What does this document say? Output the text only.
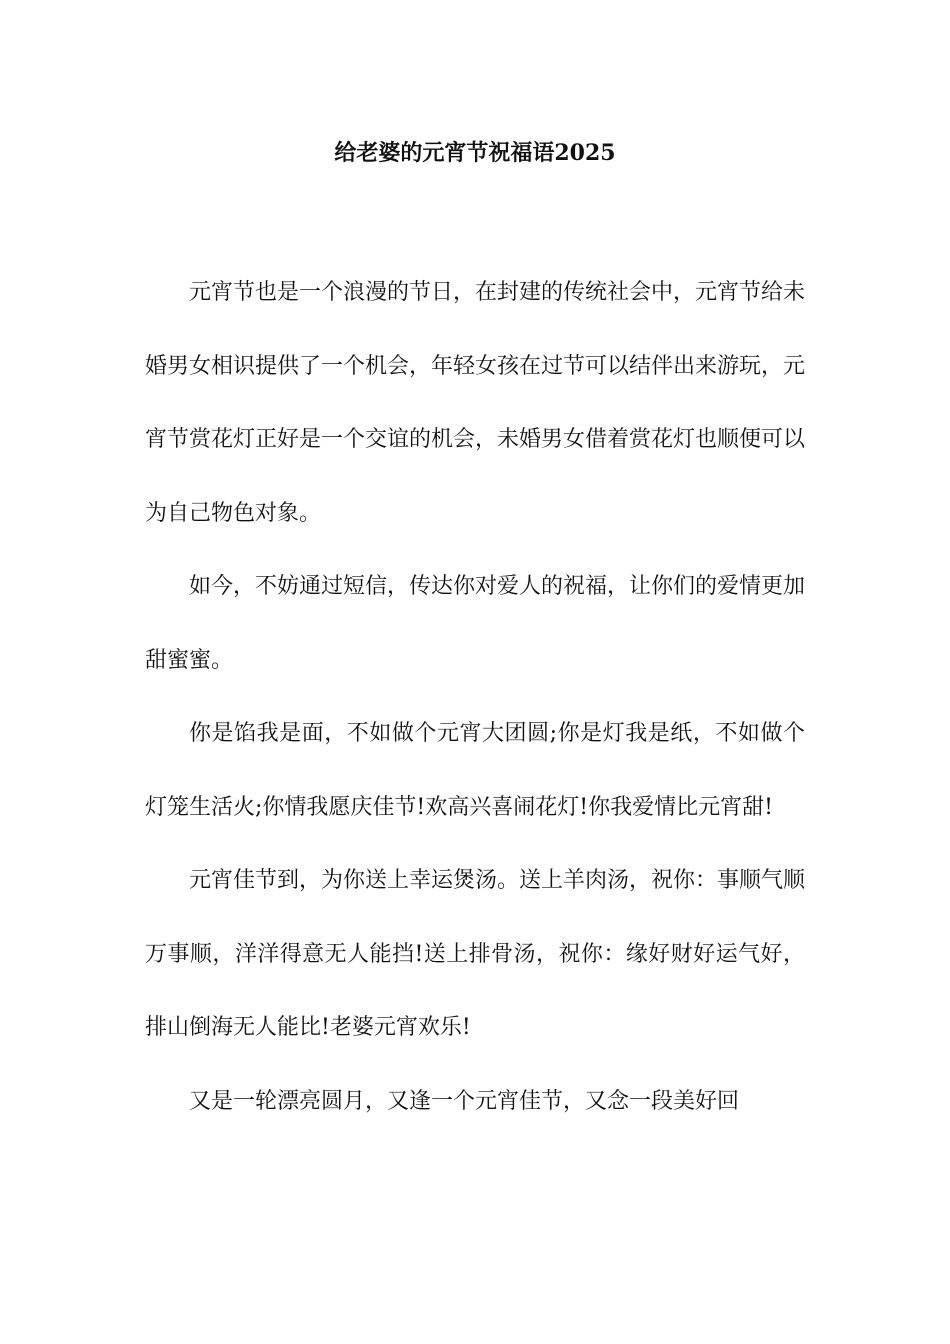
给老婆的元宵节祝福语2025

元宵节也是一个浪漫的节日，在封建的传统社会中，元宵节给未婚男女相识提供了一个机会，年轻女孩在过节可以结伴出来游玩，元宵节赏花灯正好是一个交谊的机会，未婚男女借着赏花灯也顺便可以为自己物色对象。

如今，不妨通过短信，传达你对爱人的祝福，让你们的爱情更加甜蜜蜜。

你是馅我是面，不如做个元宵大团圆;你是灯我是纸，不如做个灯笼生活火;你情我愿庆佳节!欢高兴喜闹花灯!你我爱情比元宵甜!

元宵佳节到，为你送上幸运煲汤。送上羊肉汤，祝你：事顺气顺万事顺，洋洋得意无人能挡!送上排骨汤，祝你：缘好财好运气好，排山倒海无人能比!老婆元宵欢乐!

又是一轮漂亮圆月，又逢一个元宵佳节，又念一段美好回
